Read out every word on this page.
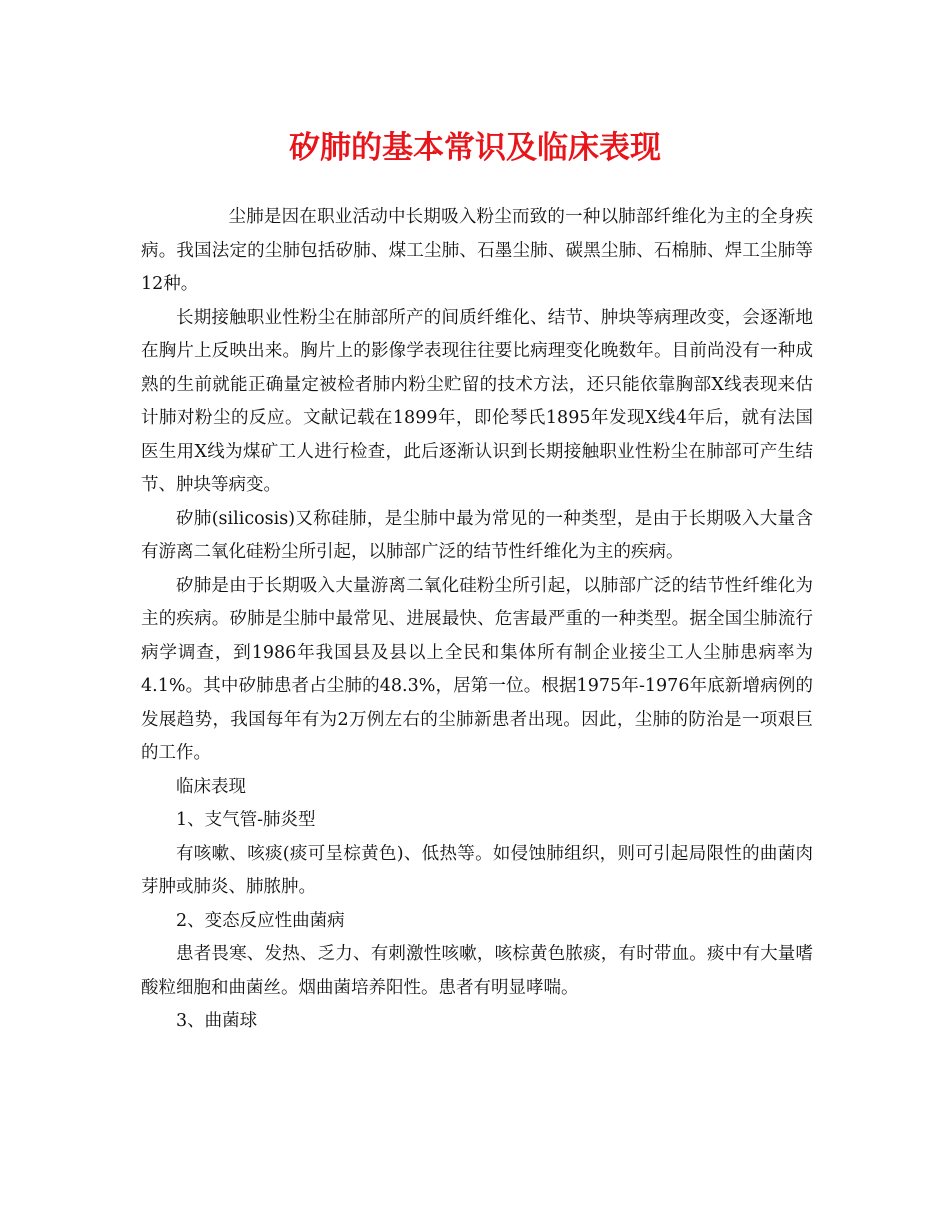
矽肺的基本常识及临床表现

尘肺是因在职业活动中长期吸入粉尘而致的一种以肺部纤维化为主的全身疾病。我国法定的尘肺包括矽肺、煤工尘肺、石墨尘肺、碳黑尘肺、石棉肺、焊工尘肺等12种。

长期接触职业性粉尘在肺部所产的间质纤维化、结节、肿块等病理改变，会逐渐地在胸片上反映出来。胸片上的影像学表现往往要比病理变化晚数年。目前尚没有一种成熟的生前就能正确量定被检者肺内粉尘贮留的技术方法，还只能依靠胸部X线表现来估计肺对粉尘的反应。文献记载在1899年，即伦琴氏1895年发现X线4年后，就有法国医生用X线为煤矿工人进行检查，此后逐渐认识到长期接触职业性粉尘在肺部可产生结节、肿块等病变。

矽肺(silicosis)又称硅肺，是尘肺中最为常见的一种类型，是由于长期吸入大量含有游离二氧化硅粉尘所引起，以肺部广泛的结节性纤维化为主的疾病。

矽肺是由于长期吸入大量游离二氧化硅粉尘所引起，以肺部广泛的结节性纤维化为主的疾病。矽肺是尘肺中最常见、进展最快、危害最严重的一种类型。据全国尘肺流行病学调查，到1986年我国县及县以上全民和集体所有制企业接尘工人尘肺患病率为4.1%。其中矽肺患者占尘肺的48.3%，居第一位。根据1975年-1976年底新增病例的发展趋势，我国每年有为2万例左右的尘肺新患者出现。因此，尘肺的防治是一项艰巨的工作。

临床表现

1、支气管-肺炎型

有咳嗽、咳痰(痰可呈棕黄色)、低热等。如侵蚀肺组织，则可引起局限性的曲菌肉芽肿或肺炎、肺脓肿。

2、变态反应性曲菌病

患者畏寒、发热、乏力、有刺激性咳嗽，咳棕黄色脓痰，有时带血。痰中有大量嗜酸粒细胞和曲菌丝。烟曲菌培养阳性。患者有明显哮喘。

3、曲菌球
